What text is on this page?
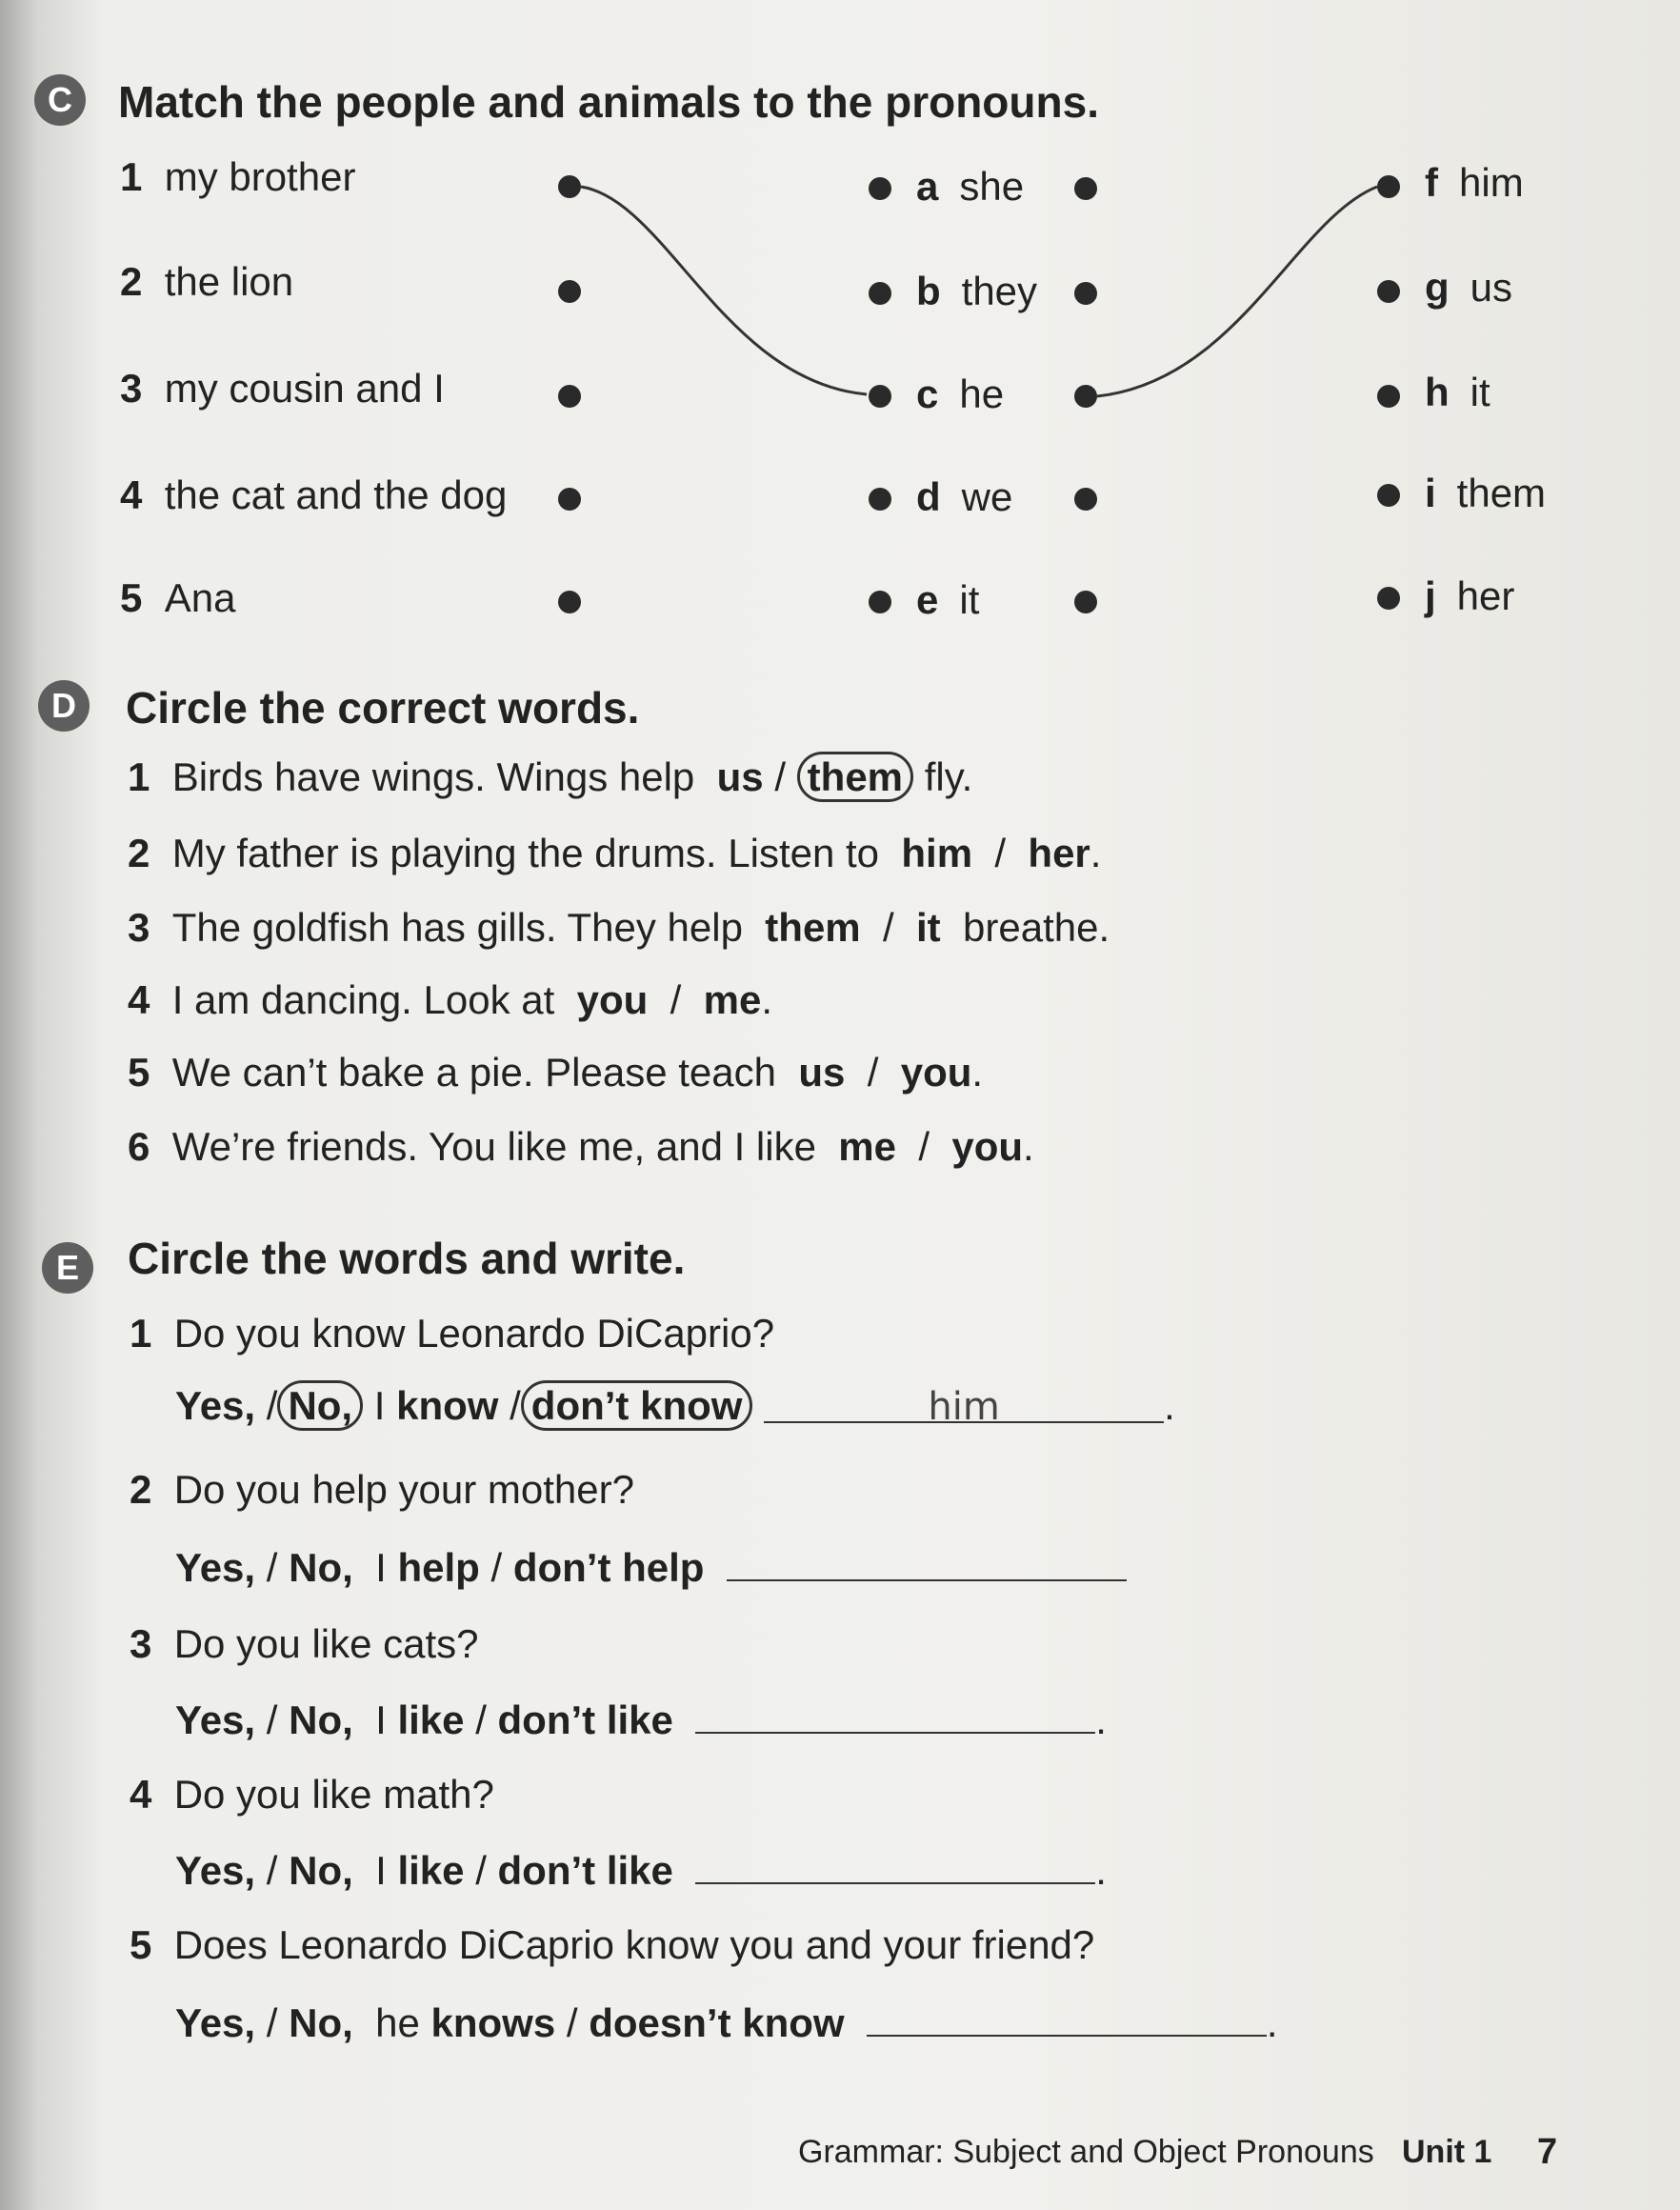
C	Match the people and animals to the pronouns.
1 my brother
2 the lion
3 my cousin and I
4 the cat and the dog
5 Ana
a she
b they
c he
d we
e it
f him
g us
h it
i them
j her
D	Circle the correct words.
1 Birds have wings. Wings help us / them fly.
2 My father is playing the drums. Listen to him / her.
3 The goldfish has gills. They help them / it breathe.
4 I am dancing. Look at you / me.
5 We can’t bake a pie. Please teach us / you.
6 We’re friends. You like me, and I like me / you.
E	Circle the words and write.
1 Do you know Leonardo DiCaprio?
Yes, / No, I know / don’t know	him	.
2 Do you help your mother?
Yes, / No, I help / don’t help
3 Do you like cats?
Yes, / No, I like / don’t like	.
4 Do you like math?
Yes, / No, I like / don’t like	.
5 Does Leonardo DiCaprio know you and your friend?
Yes, / No, he knows / doesn’t know	.
Grammar: Subject and Object Pronouns Unit 1 7
